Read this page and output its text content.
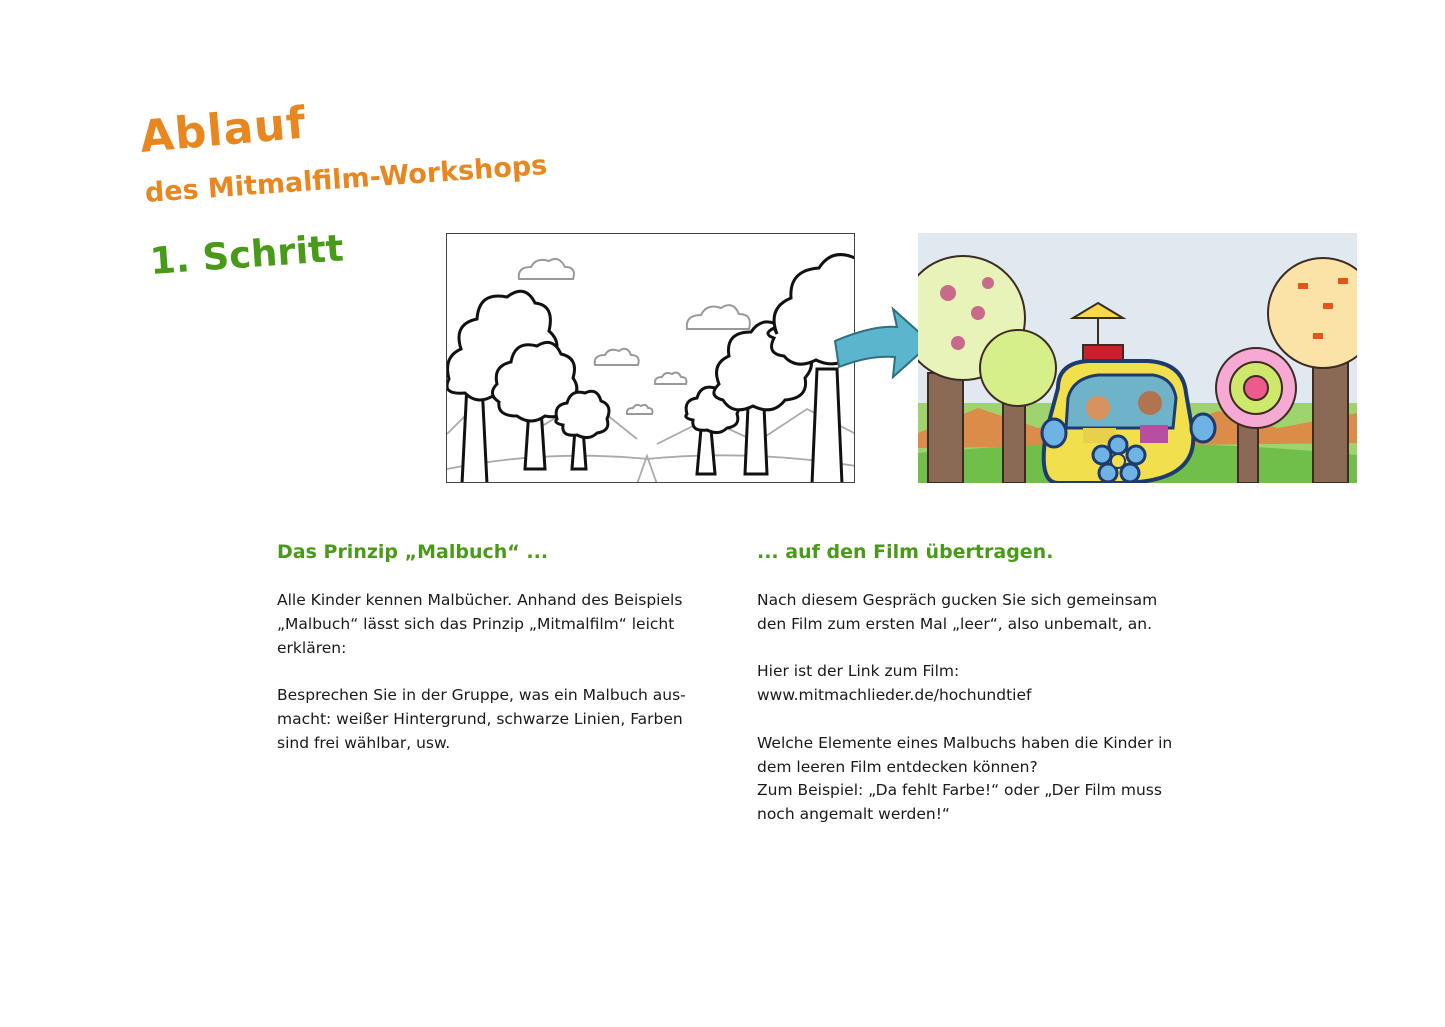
Ablauf
des Mitmalfilm-Workshops
1. Schritt
Das Prinzip „Malbuch“ ...	... auf den Film übertragen.

Alle Kinder kennen Malbücher. Anhand des Beispiels

„Malbuch“ lässt sich das Prinzip „Mitmalfilm“ leicht

erklären:

Besprechen Sie in der Gruppe, was ein Malbuch aus-

macht: weißer Hintergrund, schwarze Linien, Farben

sind frei wählbar, usw.

Nach diesem Gespräch gucken Sie sich gemeinsam

den Film zum ersten Mal „leer“, also unbemalt, an.

Hier ist der Link zum Film:

www.mitmachlieder.de/hochundtief

Welche Elemente eines Malbuchs haben die Kinder in

dem leeren Film entdecken können?

Zum Beispiel: „Da fehlt Farbe!“ oder „Der Film muss

noch angemalt werden!“
